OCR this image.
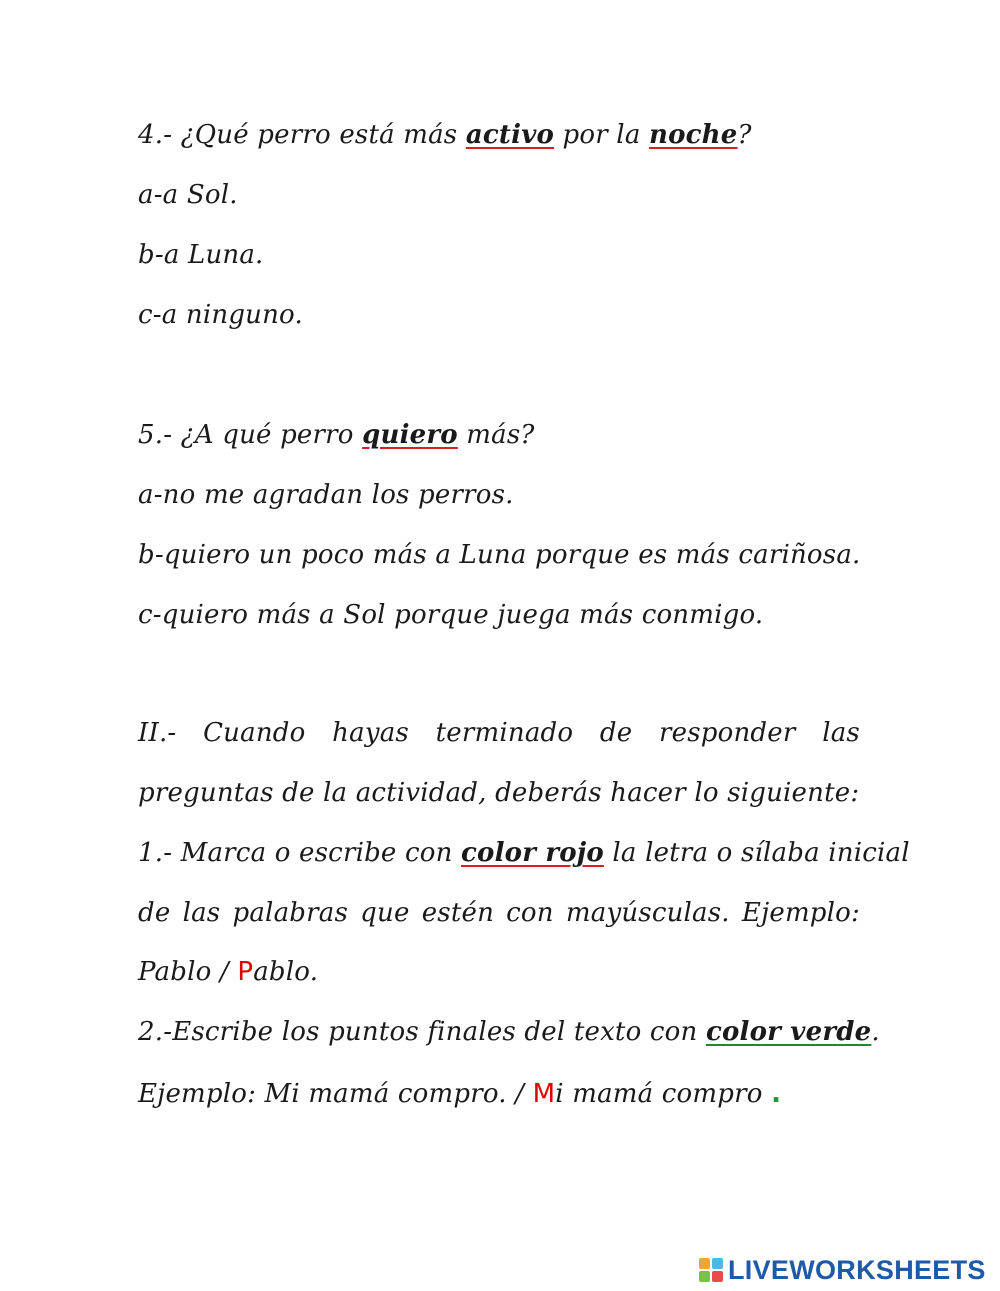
4.- ¿Qué perro está más activo por la noche?
a-a Sol.
b-a Luna.
c-a ninguno.
5.- ¿A qué perro quiero más?
a-no me agradan los perros.
b-quiero un poco más a Luna porque es más cariñosa.
c-quiero más a Sol porque juega más conmigo.
II.- Cuando hayas terminado de responder las
preguntas de la actividad, deberás hacer lo siguiente:
1.- Marca o escribe con color rojo la letra o sílaba inicial
de las palabras que estén con mayúsculas. Ejemplo:
Pablo / Pablo.
2.-Escribe los puntos finales del texto con color verde.
Ejemplo: Mi mamá compro. / Mi mamá compro .
LIVEWORKSHEETS
